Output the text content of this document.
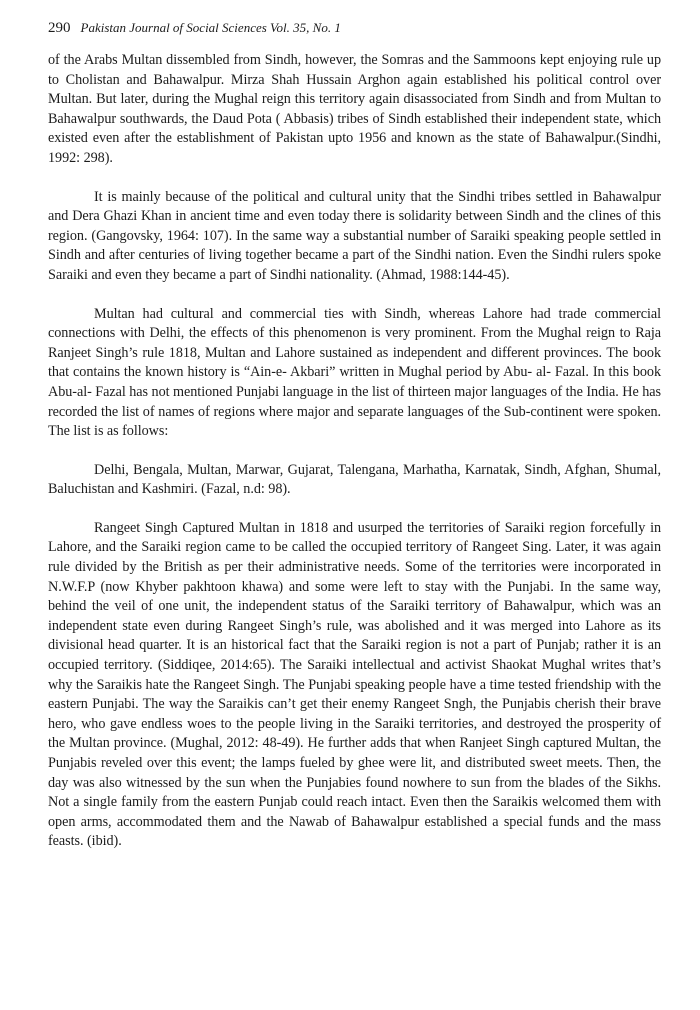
290 Pakistan Journal of Social Sciences Vol. 35, No. 1

of the Arabs Multan dissembled from Sindh, however, the Somras and the Sammoons kept enjoying rule up to Cholistan and Bahawalpur. Mirza Shah Hussain Arghon again established his political control over Multan. But later, during the Mughal reign this territory again disassociated from Sindh and from Multan to Bahawalpur southwards, the Daud Pota ( Abbasis) tribes of Sindh established their independent state, which existed even after the establishment of Pakistan upto 1956 and known as the state of Bahawalpur.(Sindhi, 1992: 298).

It is mainly because of the political and cultural unity that the Sindhi tribes settled in Bahawalpur and Dera Ghazi Khan in ancient time and even today there is solidarity between Sindh and the clines of this region. (Gangovsky, 1964: 107). In the same way a substantial number of Saraiki speaking people settled in Sindh and after centuries of living together became a part of the Sindhi nation. Even the Sindhi rulers spoke Saraiki and even they became a part of Sindhi nationality. (Ahmad, 1988:144-45).

Multan had cultural and commercial ties with Sindh, whereas Lahore had trade commercial connections with Delhi, the effects of this phenomenon is very prominent. From the Mughal reign to Raja Ranjeet Singh’s rule 1818, Multan and Lahore sustained as independent and different provinces. The book that contains the known history is “Ain-e- Akbari” written in Mughal period by Abu- al- Fazal. In this book Abu-al- Fazal has not mentioned Punjabi language in the list of thirteen major languages of the India. He has recorded the list of names of regions where major and separate languages of the Sub-continent were spoken. The list is as follows:

Delhi, Bengala, Multan, Marwar, Gujarat, Talengana, Marhatha, Karnatak, Sindh, Afghan, Shumal, Baluchistan and Kashmiri. (Fazal, n.d: 98).

Rangeet Singh Captured Multan in 1818 and usurped the territories of Saraiki region forcefully in Lahore, and the Saraiki region came to be called the occupied territory of Rangeet Sing. Later, it was again rule divided by the British as per their administrative needs. Some of the territories were incorporated in N.W.F.P (now Khyber pakhtoon khawa) and some were left to stay with the Punjabi. In the same way, behind the veil of one unit, the independent status of the Saraiki territory of Bahawalpur, which was an independent state even during Rangeet Singh’s rule, was abolished and it was merged into Lahore as its divisional head quarter. It is an historical fact that the Saraiki region is not a part of Punjab; rather it is an occupied territory. (Siddiqee, 2014:65). The Saraiki intellectual and activist Shaokat Mughal writes that’s why the Saraikis hate the Rangeet Singh. The Punjabi speaking people have a time tested friendship with the eastern Punjabi. The way the Saraikis can’t get their enemy Rangeet Sngh, the Punjabis cherish their brave hero, who gave endless woes to the people living in the Saraiki territories, and destroyed the prosperity of the Multan province. (Mughal, 2012: 48-49). He further adds that when Ranjeet Singh captured Multan, the Punjabis reveled over this event; the lamps fueled by ghee were lit, and distributed sweet meets. Then, the day was also witnessed by the sun when the Punjabies found nowhere to sun from the blades of the Sikhs. Not a single family from the eastern Punjab could reach intact. Even then the Saraikis welcomed them with open arms, accommodated them and the Nawab of Bahawalpur established a special funds and the mass feasts. (ibid).
